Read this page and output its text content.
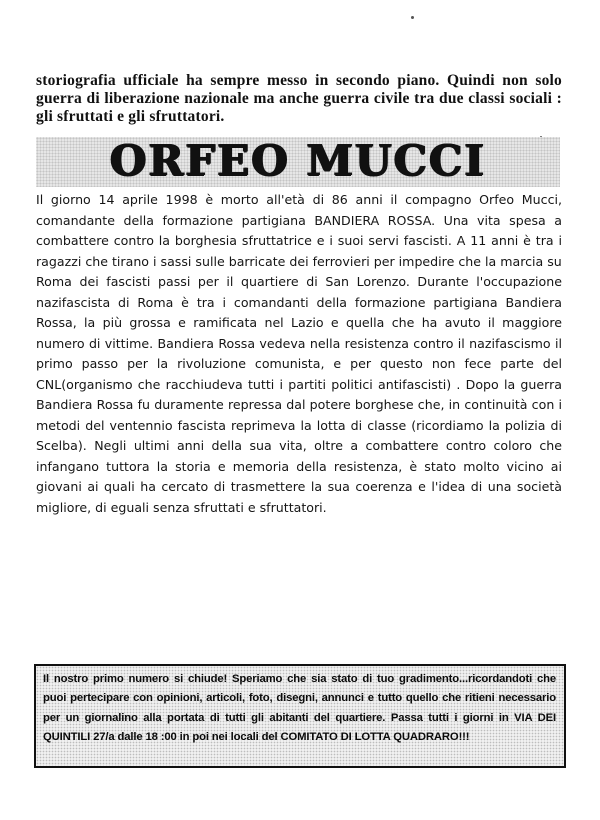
storiografia ufficiale ha sempre messo in secondo piano. Quindi non solo guerra di liberazione nazionale ma anche guerra civile tra due classi sociali : gli sfruttati e gli sfruttatori.

ORFEO MUCCI

Il giorno 14 aprile 1998 è morto all'età di 86 anni il compagno Orfeo Mucci, comandante della formazione partigiana BANDIERA ROSSA. Una vita spesa a combattere contro la borghesia sfruttatrice e i suoi servi fascisti. A 11 anni è tra i ragazzi che tirano i sassi sulle barricate dei ferrovieri per impedire che la marcia su

Roma dei fascisti passi per il quartiere di San Lorenzo. Durante l'occupazione nazifascista di Roma è tra i comandanti della formazione partigiana Bandiera Rossa, la più grossa e ramificata nel Lazio e quella che ha avuto il maggiore numero di vittime. Bandiera Rossa vedeva nella resistenza contro il nazifascismo il primo passo per la rivoluzione comunista, e per questo non fece parte del CNL(organismo che racchiudeva tutti i partiti politici antifascisti) . Dopo la guerra Bandiera Rossa fu duramente repressa dal potere borghese che, in continuità con i metodi del ventennio fascista reprimeva la lotta di classe (ricordiamo la polizia di Scelba). Negli ultimi anni della sua vita, oltre a combattere contro coloro che infangano tuttora la storia e memoria della resistenza, è stato molto vicino ai giovani ai quali ha cercato di trasmettere la sua coerenza e l'idea di una società migliore, di eguali senza sfruttati e sfruttatori.

Il nostro primo numero si chiude! Speriamo che sia stato di tuo gradimento...ricordandoti che puoi pertecipare con opinioni, articoli, foto, disegni, annunci e tutto quello che ritieni necessario per un giornalino alla portata di tutti gli abitanti del quartiere. Passa tutti i giorni in VIA DEI QUINTILI 27/a dalle 18 :00 in poi nei locali del COMITATO DI LOTTA QUADRARO!!!
